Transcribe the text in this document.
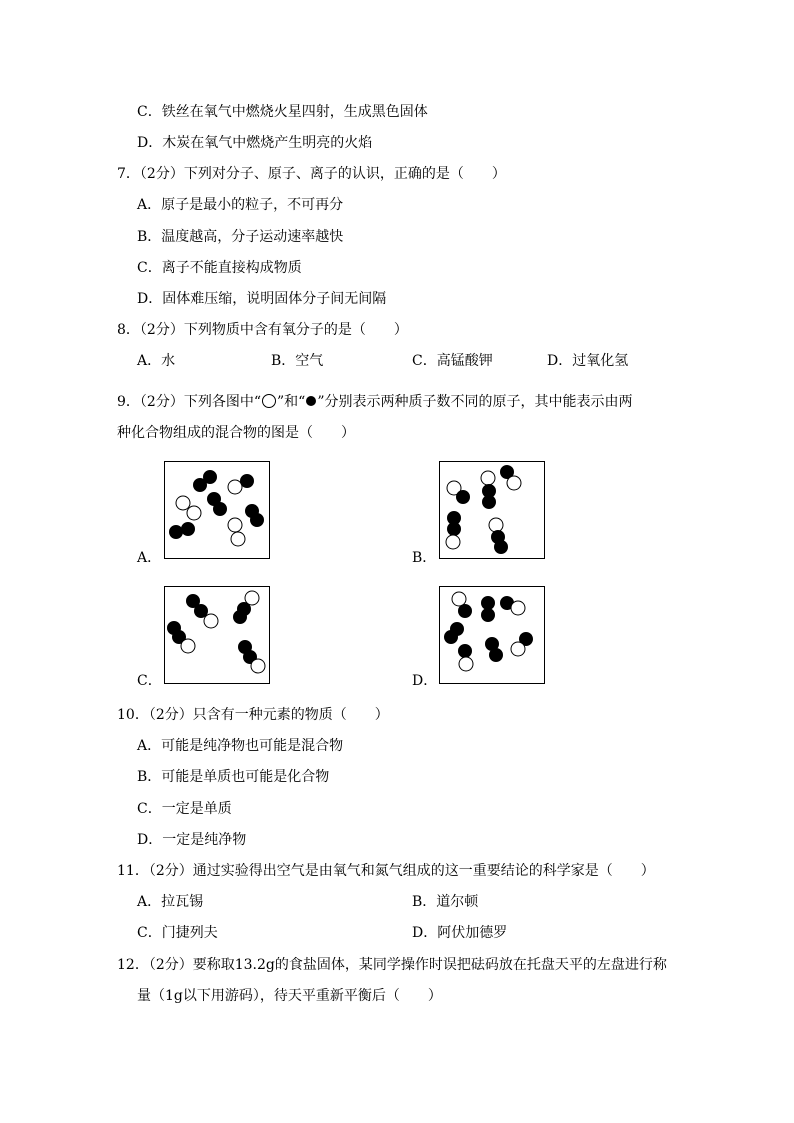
C．铁丝在氧气中燃烧火星四射，生成黑色固体
D．木炭在氧气中燃烧产生明亮的火焰
7．（2分）下列对分子、原子、离子的认识，正确的是（　　）
A．原子是最小的粒子，不可再分
B．温度越高，分子运动速率越快
C．离子不能直接构成物质
D．固体难压缩，说明固体分子间无间隔
8．（2分）下列物质中含有氧分子的是（　　）
A．水	B．空气	C．高锰酸钾	D．过氧化氢
9．（2分）下列各图中“ ”和“ ”分别表示两种质子数不同的原子，其中能表示由两
种化合物组成的混合物的图是（　　）
A．	B．
C．	D．
10．（2分）只含有一种元素的物质（　　）
A．可能是纯净物也可能是混合物
B．可能是单质也可能是化合物
C．一定是单质
D．一定是纯净物
11．（2分）通过实验得出空气是由氧气和氮气组成的这一重要结论的科学家是（　　）
A．拉瓦锡	B．道尔顿
C．门捷列夫	D．阿伏加德罗
12．（2分）要称取13.2g的食盐固体，某同学操作时误把砝码放在托盘天平的左盘进行称
量（1g以下用游码），待天平重新平衡后（　　）
